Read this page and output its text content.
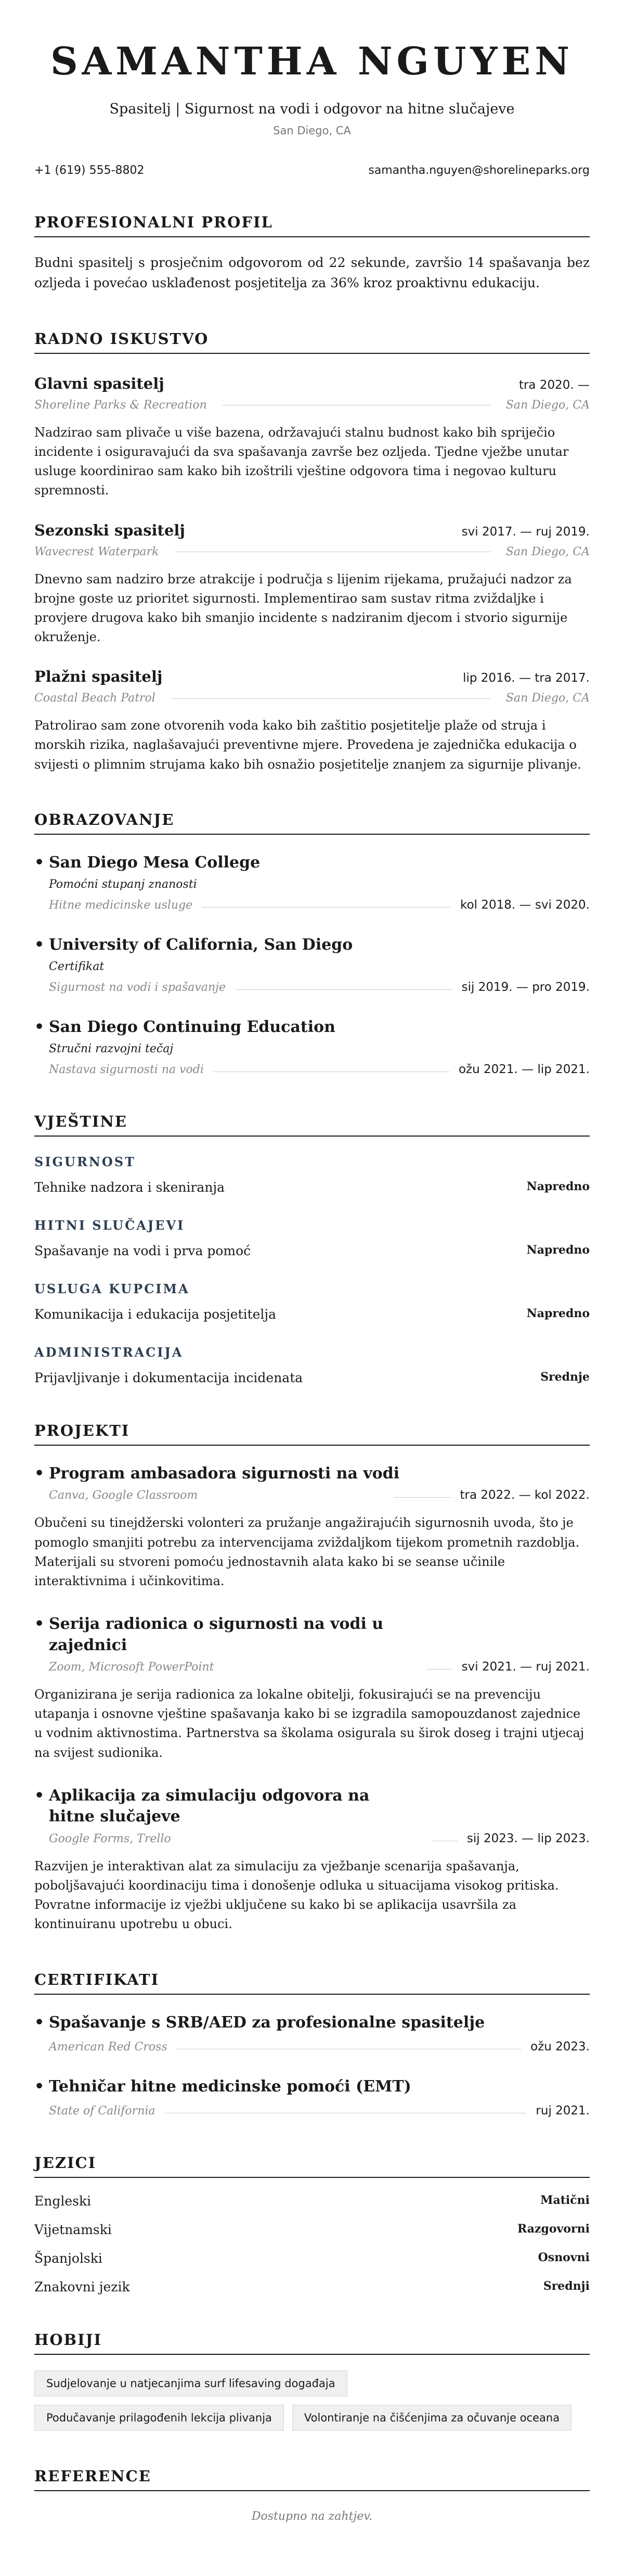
SAMANTHA NGUYEN
Spasitelj | Sigurnost na vodi i odgovor na hitne slučajeve
San Diego, CA
+1 (619) 555-8802	samantha.nguyen@shorelineparks.org
PROFESIONALNI PROFIL
Budni spasitelj s prosječnim odgovorom od 22 sekunde, završio 14 spašavanja bez ozljeda i povećao usklađenost posjetitelja za 36% kroz proaktivnu edukaciju.
RADNO ISKUSTVO
Glavni spasitelj	tra 2020. —
Shoreline Parks & Recreation	San Diego, CA
Nadzirao sam plivače u više bazena, održavajući stalnu budnost kako bih spriječio incidente i osiguravajući da sva spašavanja završe bez ozljeda. Tjedne vježbe unutar usluge koordinirao sam kako bih izoštrili vještine odgovora tima i negovao kulturu spremnosti.
Sezonski spasitelj	svi 2017. — ruj 2019.
Wavecrest Waterpark	San Diego, CA
Dnevno sam nadziro brze atrakcije i područja s lijenim rijekama, pružajući nadzor za brojne goste uz prioritet sigurnosti. Implementirao sam sustav ritma zviždaljke i provjere drugova kako bih smanjio incidente s nadziranim djecom i stvorio sigurnije okruženje.
Plažni spasitelj	lip 2016. — tra 2017.
Coastal Beach Patrol	San Diego, CA
Patrolirao sam zone otvorenih voda kako bih zaštitio posjetitelje plaže od struja i morskih rizika, naglašavajući preventivne mjere. Provedena je zajednička edukacija o svijesti o plimnim strujama kako bih osnažio posjetitelje znanjem za sigurnije plivanje.
OBRAZOVANJE
• San Diego Mesa College
Pomoćni stupanj znanosti
Hitne medicinske usluge	kol 2018. — svi 2020.
• University of California, San Diego
Certifikat
Sigurnost na vodi i spašavanje	sij 2019. — pro 2019.
• San Diego Continuing Education
Stručni razvojni tečaj
Nastava sigurnosti na vodi	ožu 2021. — lip 2021.
VJEŠTINE
SIGURNOST
Tehnike nadzora i skeniranja	Napredno
HITNI SLUČAJEVI
Spašavanje na vodi i prva pomoć	Napredno
USLUGA KUPCIMA
Komunikacija i edukacija posjetitelja	Napredno
ADMINISTRACIJA
Prijavljivanje i dokumentacija incidenata	Srednje
PROJEKTI
• Program ambasadora sigurnosti na vodi
Canva, Google Classroom	tra 2022. — kol 2022.
Obučeni su tinejdžerski volonteri za pružanje angažirajućih sigurnosnih uvoda, što je pomoglo smanjiti potrebu za intervencijama zviždaljkom tijekom prometnih razdoblja. Materijali su stvoreni pomoću jednostavnih alata kako bi se seanse učinile interaktivnima i učinkovitima.
• Serija radionica o sigurnosti na vodi u zajednici
Zoom, Microsoft PowerPoint	svi 2021. — ruj 2021.
Organizirana je serija radionica za lokalne obitelji, fokusirajući se na prevenciju utapanja i osnovne vještine spašavanja kako bi se izgradila samopouzdanost zajednice u vodnim aktivnostima. Partnerstva sa školama osigurala su širok doseg i trajni utjecaj na svijest sudionika.
• Aplikacija za simulaciju odgovora na hitne slučajeve
Google Forms, Trello	sij 2023. — lip 2023.
Razvijen je interaktivan alat za simulaciju za vježbanje scenarija spašavanja, poboljšavajući koordinaciju tima i donošenje odluka u situacijama visokog pritiska. Povratne informacije iz vježbi uključene su kako bi se aplikacija usavršila za kontinuiranu upotrebu u obuci.
CERTIFIKATI
• Spašavanje s SRB/AED za profesionalne spasitelje
American Red Cross	ožu 2023.
• Tehničar hitne medicinske pomoći (EMT)
State of California	ruj 2021.
JEZICI
Engleski	Matični
Vijetnamski	Razgovorni
Španjolski	Osnovni
Znakovni jezik	Srednji
HOBIJI
Sudjelovanje u natjecanjima surf lifesaving događaja
Podučavanje prilagođenih lekcija plivanja	Volontiranje na čišćenjima za očuvanje oceana
REFERENCE
Dostupno na zahtjev.
